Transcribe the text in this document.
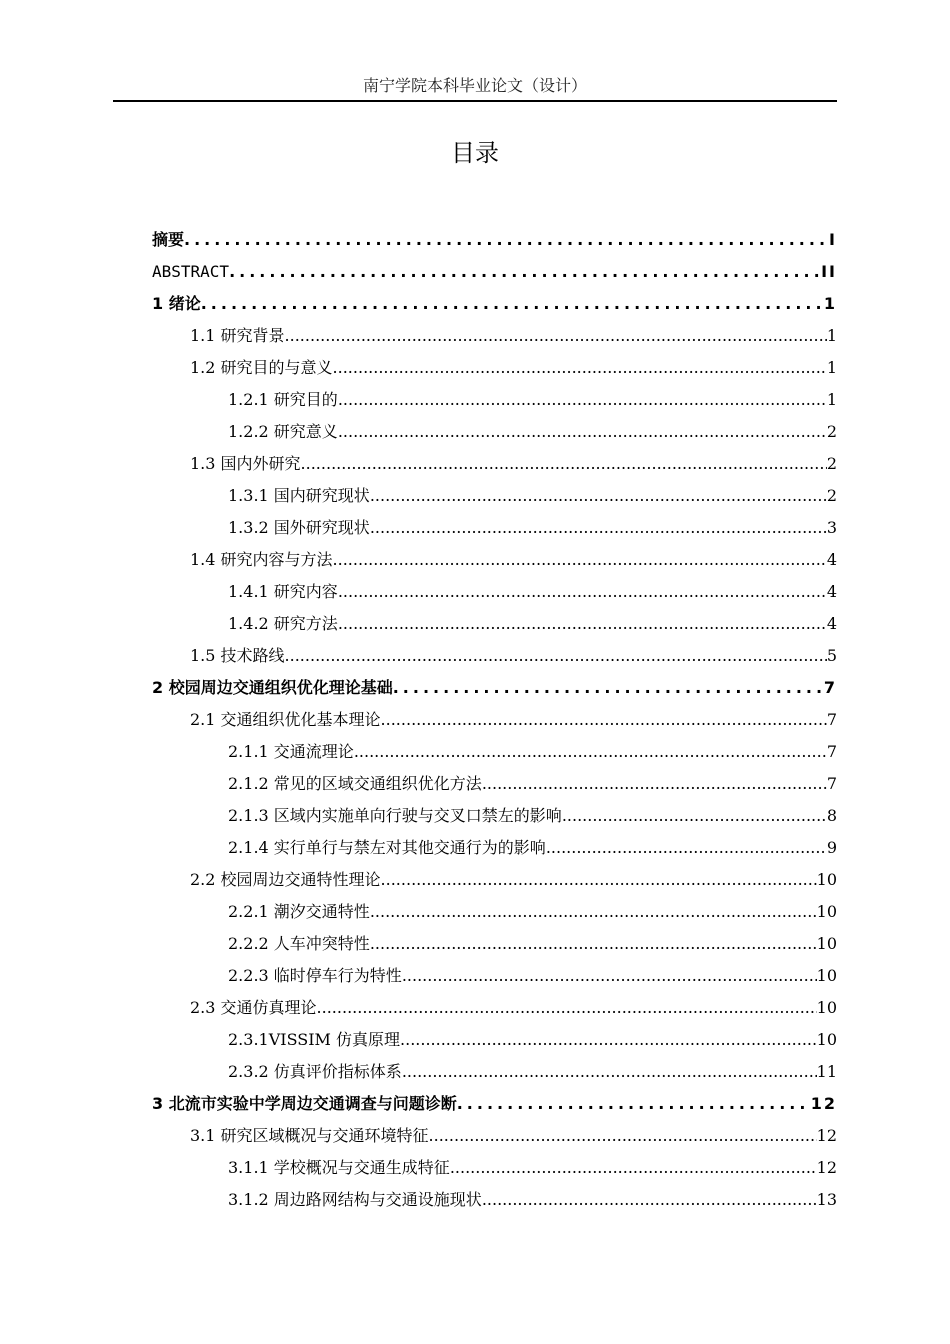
南宁学院本科毕业论文（设计）
目录
摘要 .....	I
ABSTRACT .....	II
1 绪论 .....	1
1.1 研究背景 .....	1
1.2 研究目的与意义 .....	1
1.2.1 研究目的 .....	1
1.2.2 研究意义 .....	2
1.3 国内外研究 .....	2
1.3.1 国内研究现状 .....	2
1.3.2 国外研究现状 .....	3
1.4 研究内容与方法 .....	4
1.4.1 研究内容 .....	4
1.4.2 研究方法 .....	4
1.5 技术路线 .....	5
2 校园周边交通组织优化理论基础 .....	7
2.1 交通组织优化基本理论 .....	7
2.1.1 交通流理论 .....	7
2.1.2 常见的区域交通组织优化方法 .....	7
2.1.3 区域内实施单向行驶与交叉口禁左的影响 .....	8
2.1.4 实行单行与禁左对其他交通行为的影响 .....	9
2.2 校园周边交通特性理论 .....	10
2.2.1 潮汐交通特性 .....	10
2.2.2 人车冲突特性 .....	10
2.2.3 临时停车行为特性 .....	10
2.3 交通仿真理论 .....	10
2.3.1VISSIM 仿真原理 .....	10
2.3.2 仿真评价指标体系 .....	11
3 北流市实验中学周边交通调查与问题诊断 .....	12
3.1 研究区域概况与交通环境特征 .....	12
3.1.1 学校概况与交通生成特征 .....	12
3.1.2 周边路网结构与交通设施现状 .....	13
